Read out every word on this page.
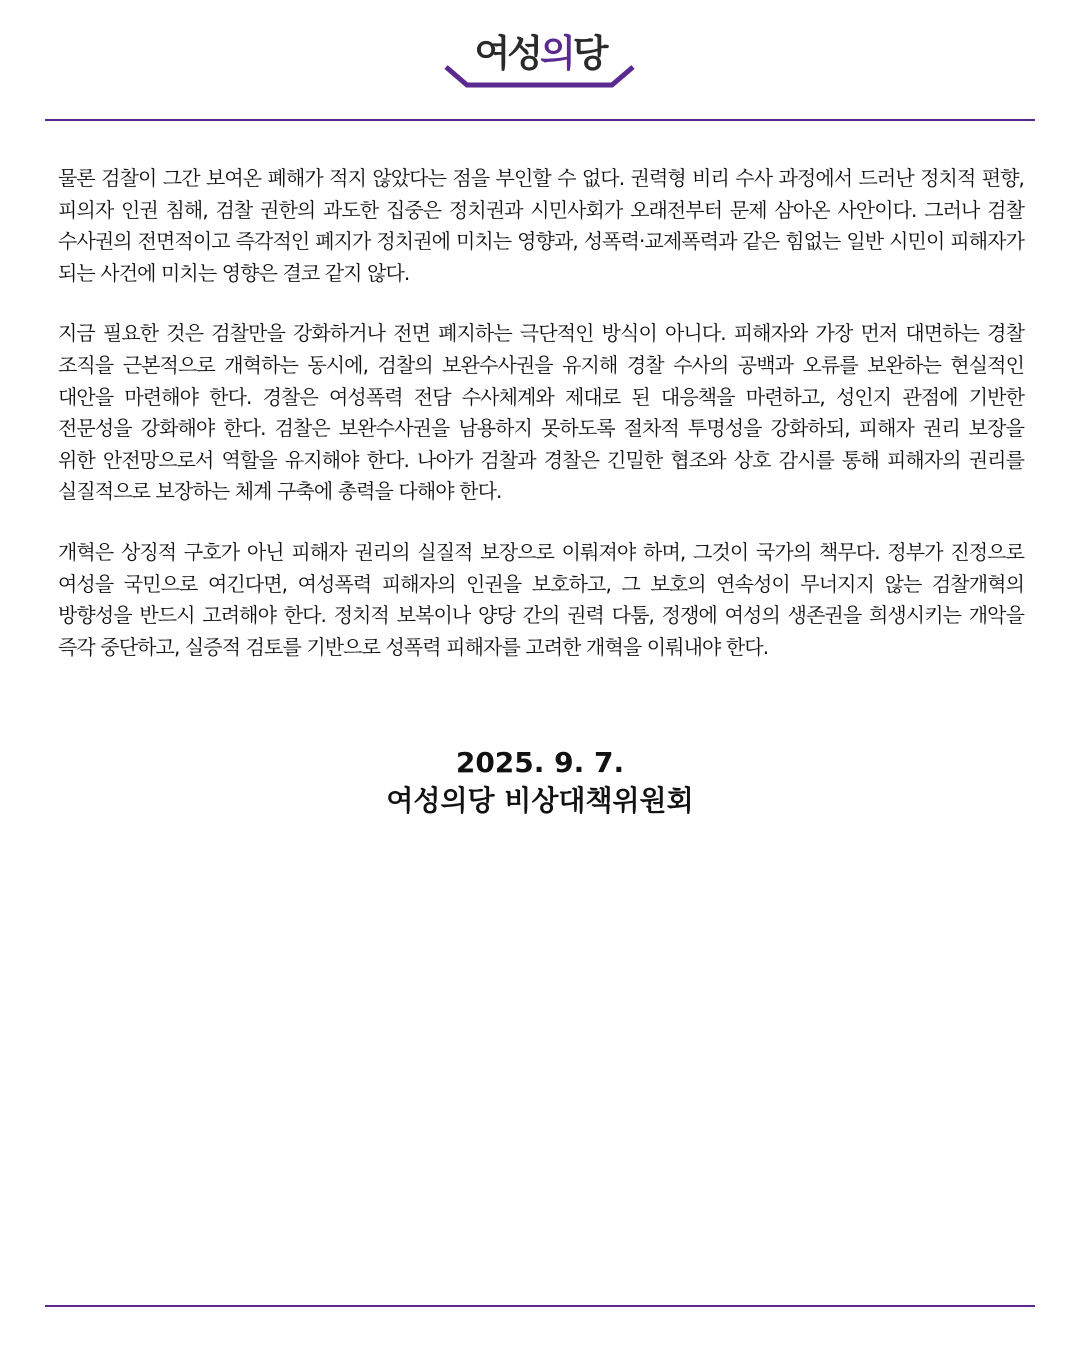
여성의당

물론 검찰이 그간 보여온 폐해가 적지 않았다는 점을 부인할 수 없다. 권력형 비리 수사 과정에서 드러난 정치적 편향, 피의자 인권 침해, 검찰 권한의 과도한 집중은 정치권과 시민사회가 오래전부터 문제 삼아온 사안이다. 그러나 검찰 수사권의 전면적이고 즉각적인 폐지가 정치권에 미치는 영향과, 성폭력·교제폭력과 같은 힘없는 일반 시민이 피해자가 되는 사건에 미치는 영향은 결코 같지 않다.

지금 필요한 것은 검찰만을 강화하거나 전면 폐지하는 극단적인 방식이 아니다. 피해자와 가장 먼저 대면하는 경찰 조직을 근본적으로 개혁하는 동시에, 검찰의 보완수사권을 유지해 경찰 수사의 공백과 오류를 보완하는 현실적인 대안을 마련해야 한다. 경찰은 여성폭력 전담 수사체계와 제대로 된 대응책을 마련하고, 성인지 관점에 기반한 전문성을 강화해야 한다. 검찰은 보완수사권을 남용하지 못하도록 절차적 투명성을 강화하되, 피해자 권리 보장을 위한 안전망으로서 역할을 유지해야 한다. 나아가 검찰과 경찰은 긴밀한 협조와 상호 감시를 통해 피해자의 권리를 실질적으로 보장하는 체계 구축에 총력을 다해야 한다.

개혁은 상징적 구호가 아닌 피해자 권리의 실질적 보장으로 이뤄져야 하며, 그것이 국가의 책무다. 정부가 진정으로 여성을 국민으로 여긴다면, 여성폭력 피해자의 인권을 보호하고, 그 보호의 연속성이 무너지지 않는 검찰개혁의 방향성을 반드시 고려해야 한다. 정치적 보복이나 양당 간의 권력 다툼, 정쟁에 여성의 생존권을 희생시키는 개악을 즉각 중단하고, 실증적 검토를 기반으로 성폭력 피해자를 고려한 개혁을 이뤄내야 한다.

2025. 9. 7.
여성의당 비상대책위원회
